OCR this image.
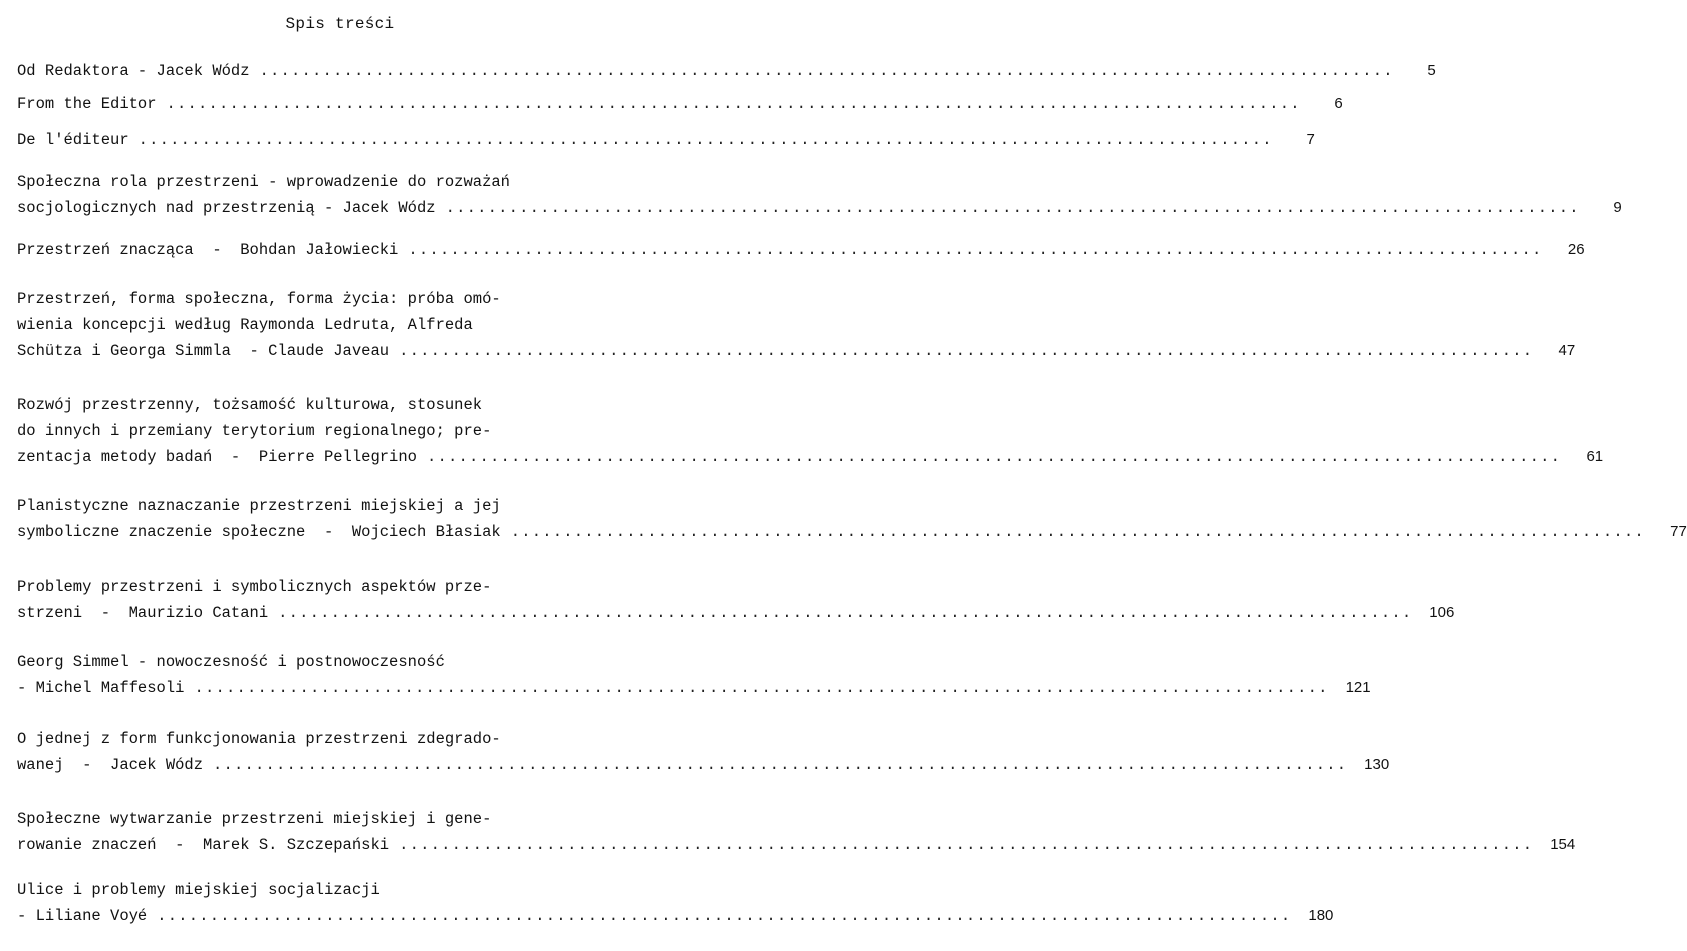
Spis treści
Od Redaktora - Jacek Wódz ............................................................................................................	5
From the Editor ............................................................................................................	6
De l'éditeur ............................................................................................................	7
Społeczna rola przestrzeni - wprowadzenie do rozważań
socjologicznych nad przestrzenią - Jacek Wódz ............................................................................................................	9
Przestrzeń znacząca  -  Bohdan Jałowiecki ............................................................................................................	26
Przestrzeń, forma społeczna, forma życia: próba omó-
wienia koncepcji według Raymonda Ledruta, Alfreda
Schütza i Georga Simmla  - Claude Javeau ............................................................................................................	47
Rozwój przestrzenny, tożsamość kulturowa, stosunek
do innych i przemiany terytorium regionalnego; pre-
zentacja metody badań  -  Pierre Pellegrino ............................................................................................................	61
Planistyczne naznaczanie przestrzeni miejskiej a jej
symboliczne znaczenie społeczne  -  Wojciech Błasiak ............................................................................................................	77
Problemy przestrzeni i symbolicznych aspektów prze-
strzeni  -  Maurizio Catani ............................................................................................................	106
Georg Simmel - nowoczesność i postnowoczesność
- Michel Maffesoli ............................................................................................................	121
O jednej z form funkcjonowania przestrzeni zdegrado-
wanej  -  Jacek Wódz ............................................................................................................	130
Społeczne wytwarzanie przestrzeni miejskiej i gene-
rowanie znaczeń  -  Marek S. Szczepański ............................................................................................................	154
Ulice i problemy miejskiej socjalizacji
- Liliane Voyé ............................................................................................................	180
